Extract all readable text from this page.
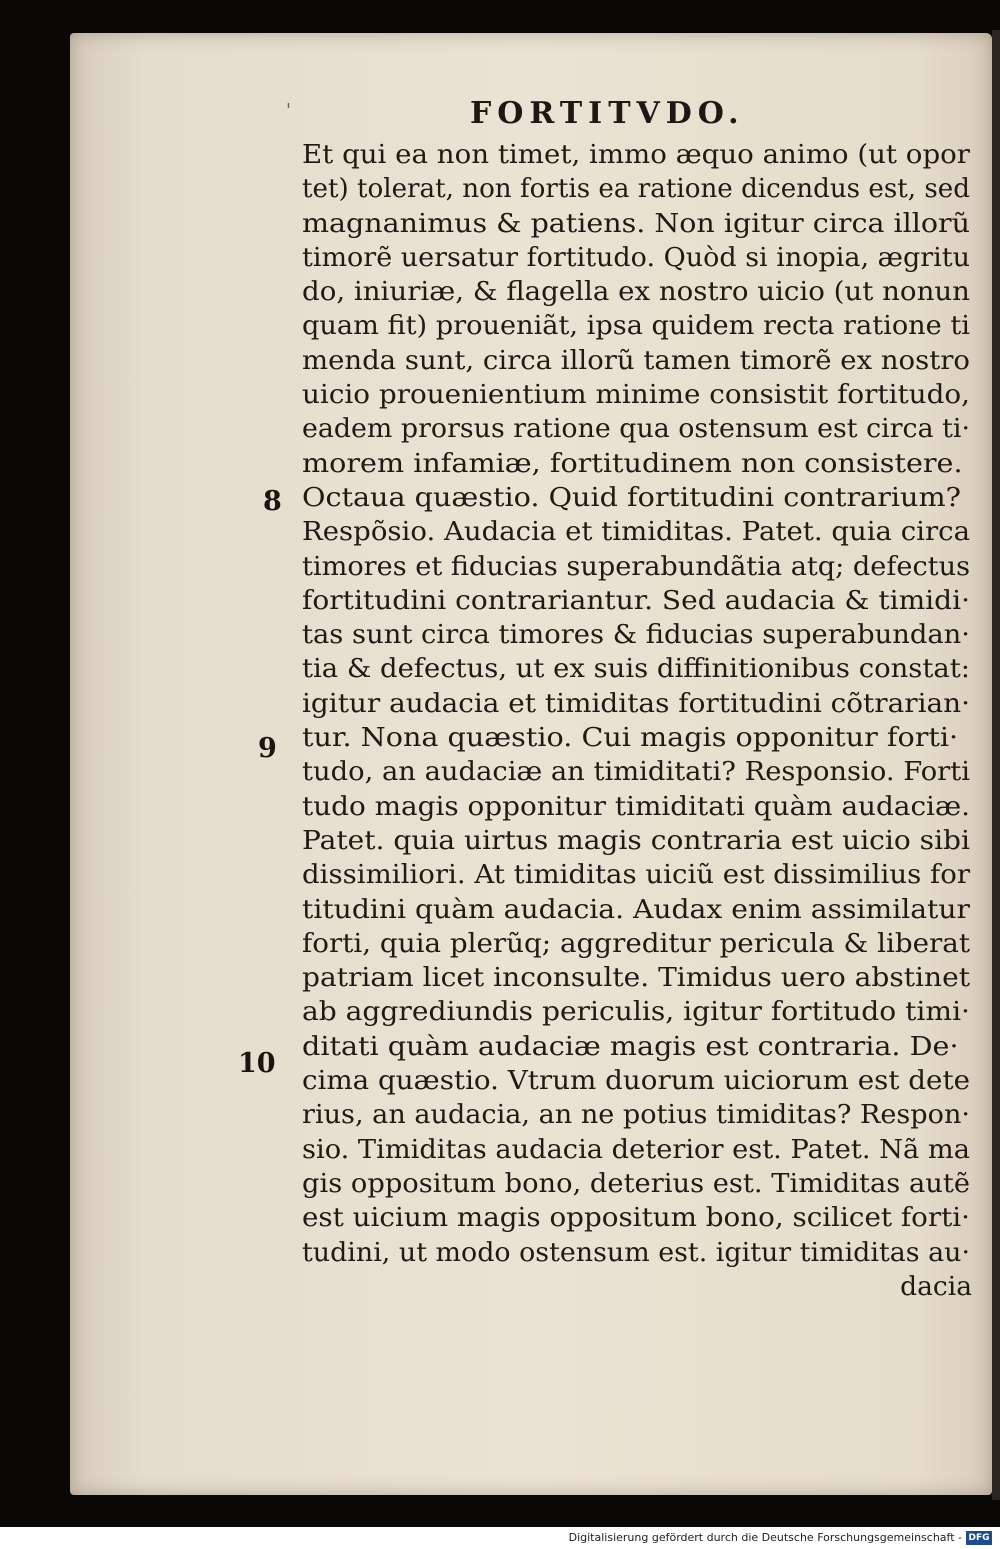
'	FORTITVDO.
Et qui ea non timet, immo æquo animo (ut opor
tet) tolerat, non fortis ea ratione dicendus est, sed
magnanimus & patiens. Non igitur circa illorũ
timorẽ uersatur fortitudo. Quòd si inopia, ægritu
do, iniuriæ, & flagella ex nostro uicio (ut nonun
quam fit) proueniãt, ipsa quidem recta ratione ti
menda sunt, circa illorũ tamen timorẽ ex nostro
uicio prouenientium minime consistit fortitudo,
eadem prorsus ratione qua ostensum est circa ti·
morem infamiæ, fortitudinem non consistere.
Octaua quæstio. Quid fortitudini contrarium?
Respõsio. Audacia et timiditas. Patet. quia circa
timores et fiducias superabundãtia atq; defectus
fortitudini contrariantur. Sed audacia & timidi·
tas sunt circa timores & fiducias superabundan·
tia & defectus, ut ex suis diffinitionibus constat:
igitur audacia et timiditas fortitudini cõtrarian·
tur. Nona quæstio. Cui magis opponitur forti·
tudo, an audaciæ an timiditati? Responsio. Forti
tudo magis opponitur timiditati quàm audaciæ.
Patet. quia uirtus magis contraria est uicio sibi
dissimiliori. At timiditas uiciũ est dissimilius for
titudini quàm audacia. Audax enim assimilatur
forti, quia plerũq; aggreditur pericula & liberat
patriam licet inconsulte. Timidus uero abstinet
ab aggrediundis periculis, igitur fortitudo timi·
ditati quàm audaciæ magis est contraria. De·
cima quæstio. Vtrum duorum uiciorum est dete
rius, an audacia, an ne potius timiditas? Respon·
sio. Timiditas audacia deterior est. Patet. Nã ma
gis oppositum bono, deterius est. Timiditas autẽ
est uicium magis oppositum bono, scilicet forti·
tudini, ut modo ostensum est. igitur timiditas au·
dacia
8
9
10
Digitalisierung gefördert durch die Deutsche Forschungsgemeinschaft - DFG
